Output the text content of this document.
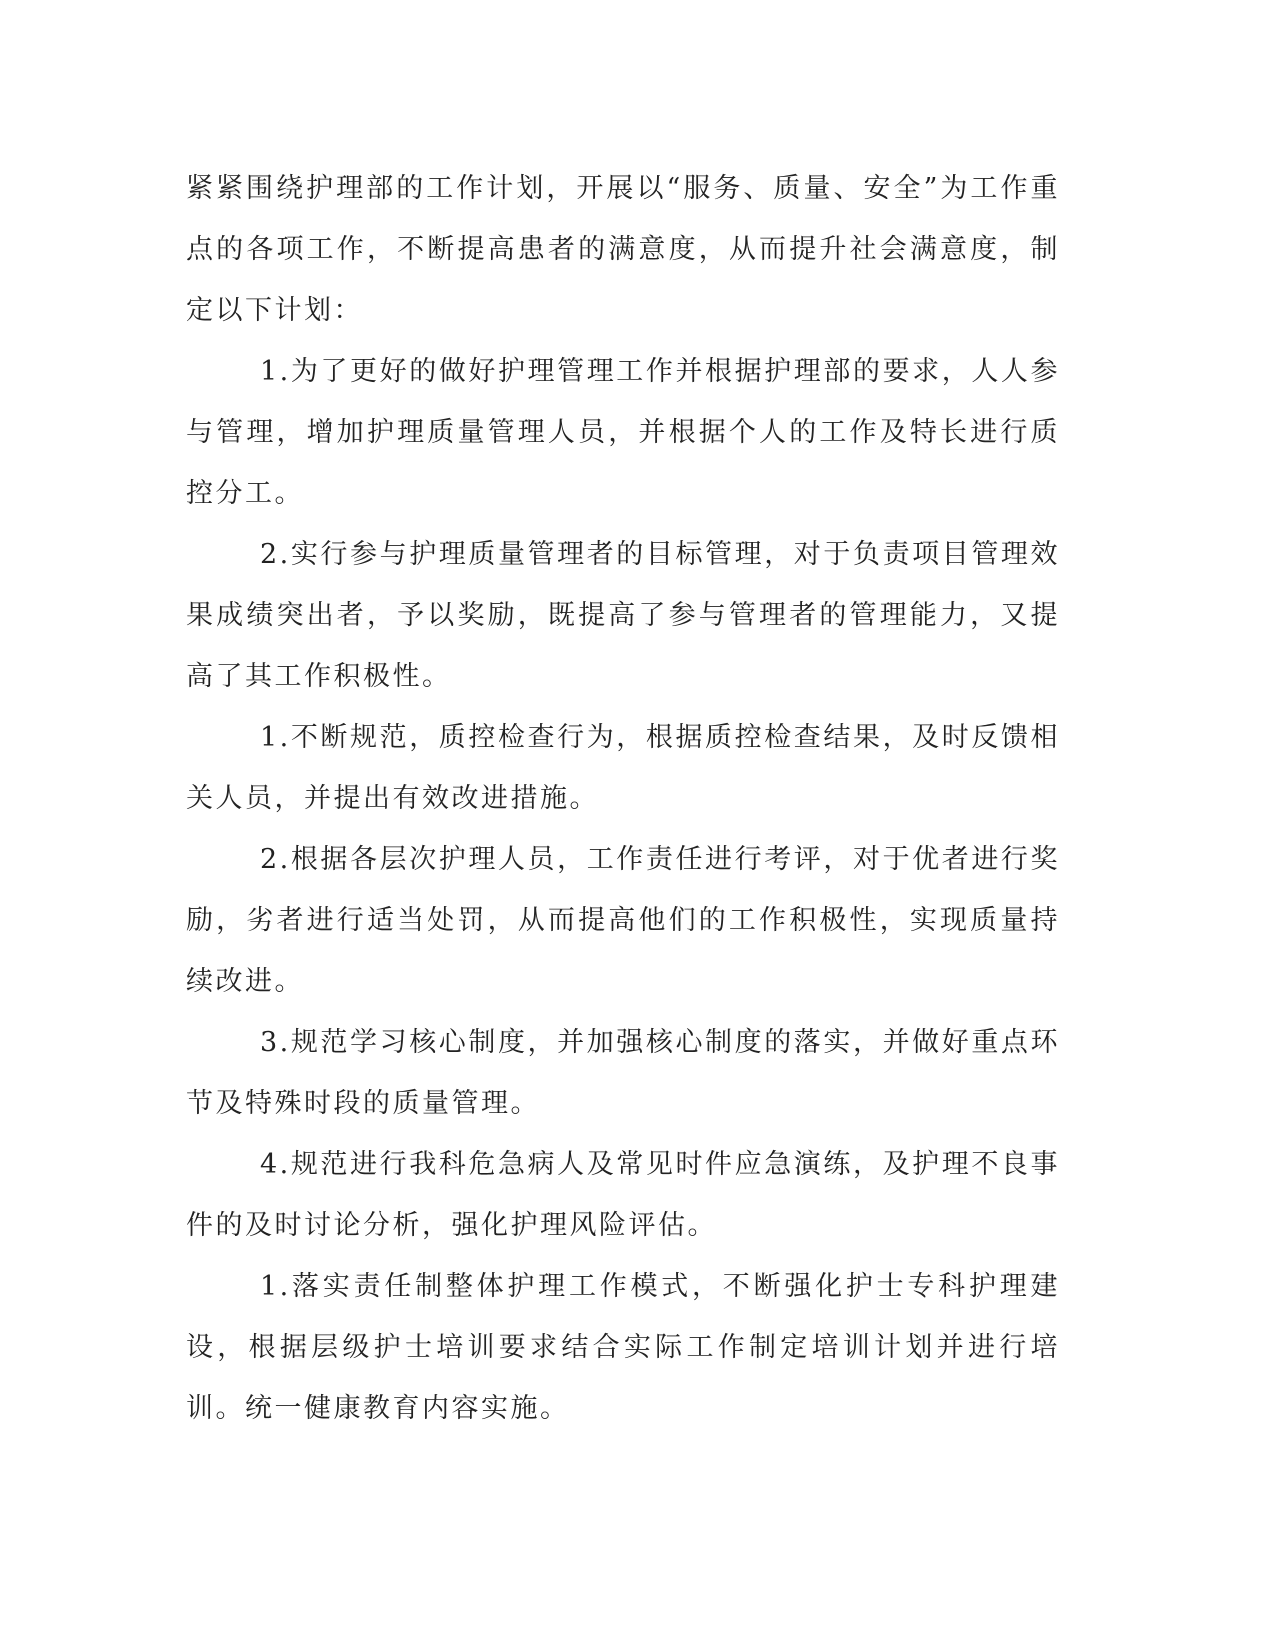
紧紧围绕护理部的工作计划，开展以“服务、质量、安全”为工作重点的各项工作，不断提高患者的满意度，从而提升社会满意度，制定以下计划：

1.为了更好的做好护理管理工作并根据护理部的要求，人人参与管理，增加护理质量管理人员，并根据个人的工作及特长进行质控分工。

2.实行参与护理质量管理者的目标管理，对于负责项目管理效果成绩突出者，予以奖励，既提高了参与管理者的管理能力，又提高了其工作积极性。

1.不断规范，质控检查行为，根据质控检查结果，及时反馈相关人员，并提出有效改进措施。

2.根据各层次护理人员，工作责任进行考评，对于优者进行奖励，劣者进行适当处罚，从而提高他们的工作积极性，实现质量持续改进。

3.规范学习核心制度，并加强核心制度的落实，并做好重点环节及特殊时段的质量管理。

4.规范进行我科危急病人及常见时件应急演练，及护理不良事件的及时讨论分析，强化护理风险评估。

1.落实责任制整体护理工作模式，不断强化护士专科护理建设，根据层级护士培训要求结合实际工作制定培训计划并进行培训。统一健康教育内容实施。
